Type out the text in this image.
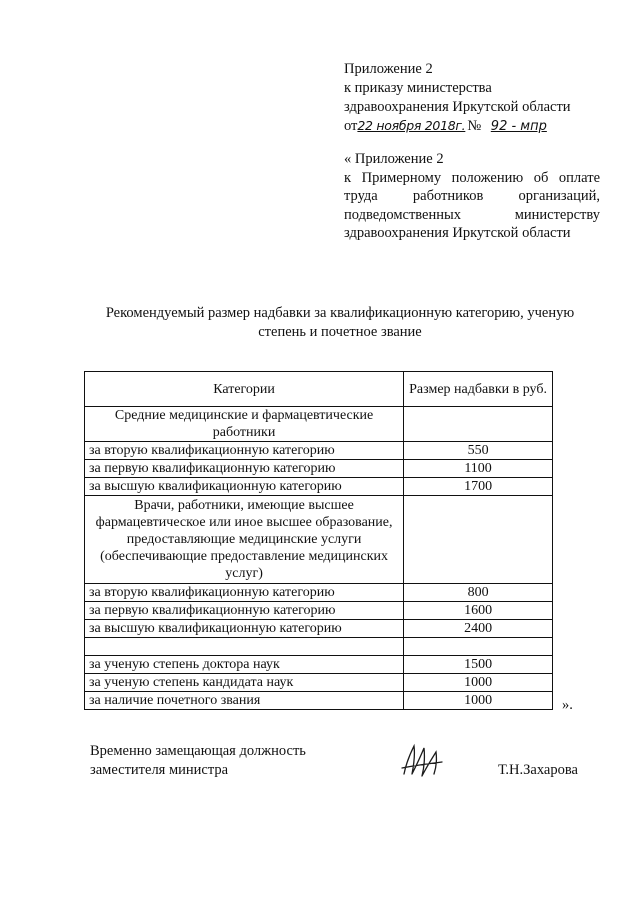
Приложение 2
к приказу министерства
здравоохранения Иркутской области
от22 ноября 2018г. № 92 - мпр
« Приложение 2
к Примерному положению об оплате
труда работников организаций,
подведомственных министерству
здравоохранения Иркутской области
Рекомендуемый размер надбавки за квалификационную категорию, ученую
степень и почетное звание
Категории	Размер надбавки в руб.
Средние медицинские и фармацевтические работники	
за вторую квалификационную категорию	550
за первую квалификационную категорию	1100
за высшую квалификационную категорию	1700
Врачи, работники, имеющие высшее фармацевтическое или иное высшее образование, предоставляющие медицинские услуги (обеспечивающие предоставление медицинских услуг)	
за вторую квалификационную категорию	800
за первую квалификационную категорию	1600
за высшую квалификационную категорию	2400

за ученую степень доктора наук	1500
за ученую степень кандидата наук	1000
за наличие почетного звания	1000	».
Временно замещающая должность
заместителя министра	Т.Н.Захарова
